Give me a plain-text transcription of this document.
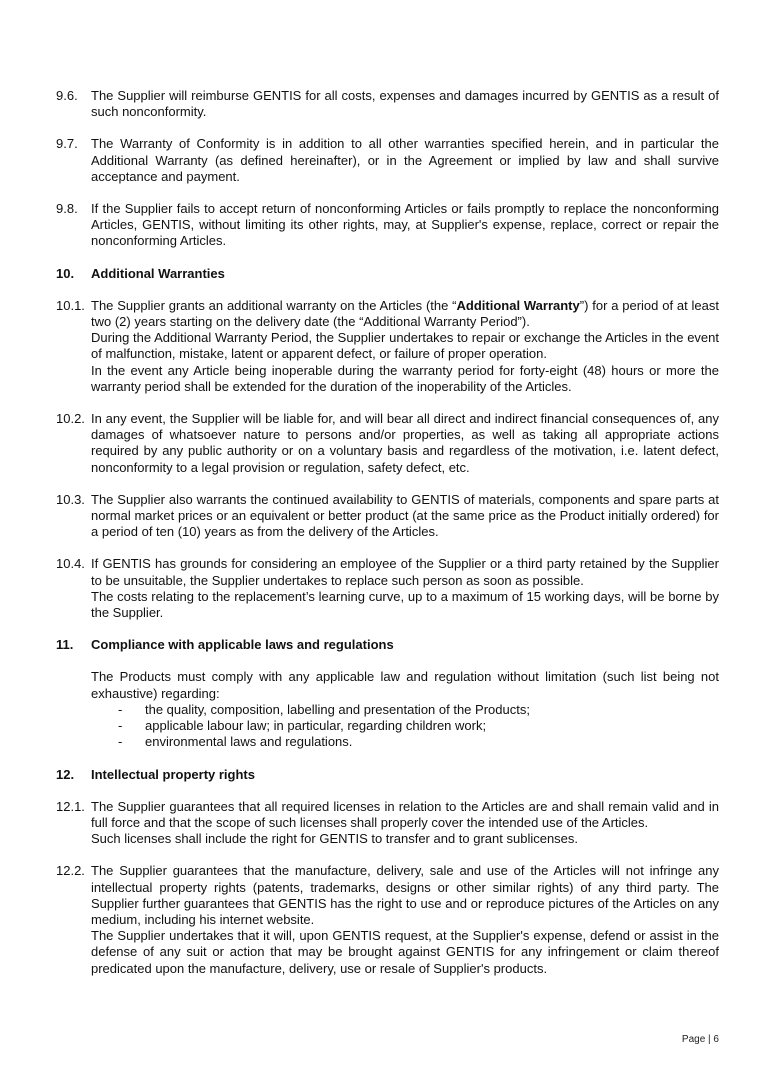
9.6. The Supplier will reimburse GENTIS for all costs, expenses and damages incurred by GENTIS as a result of such nonconformity.

9.7. The Warranty of Conformity is in addition to all other warranties specified herein, and in particular the Additional Warranty (as defined hereinafter), or in the Agreement or implied by law and shall survive acceptance and payment.

9.8. If the Supplier fails to accept return of nonconforming Articles or fails promptly to replace the nonconforming Articles, GENTIS, without limiting its other rights, may, at Supplier's expense, replace, correct or repair the nonconforming Articles.

10. Additional Warranties
10.1. The Supplier grants an additional warranty on the Articles (the “Additional Warranty”) for a period of at least two (2) years starting on the delivery date (the “Additional Warranty Period”).

During the Additional Warranty Period, the Supplier undertakes to repair or exchange the Articles in the event of malfunction, mistake, latent or apparent defect, or failure of proper operation.

In the event any Article being inoperable during the warranty period for forty-eight (48) hours or more the warranty period shall be extended for the duration of the inoperability of the Articles.

10.2. In any event, the Supplier will be liable for, and will bear all direct and indirect financial consequences of, any damages of whatsoever nature to persons and/or properties, as well as taking all appropriate actions required by any public authority or on a voluntary basis and regardless of the motivation, i.e. latent defect, nonconformity to a legal provision or regulation, safety defect, etc.

10.3. The Supplier also warrants the continued availability to GENTIS of materials, components and spare parts at normal market prices or an equivalent or better product (at the same price as the Product initially ordered) for a period of ten (10) years as from the delivery of the Articles.

10.4. If GENTIS has grounds for considering an employee of the Supplier or a third party retained by the Supplier to be unsuitable, the Supplier undertakes to replace such person as soon as possible.

The costs relating to the replacement’s learning curve, up to a maximum of 15 working days, will be borne by the Supplier.

11. Compliance with applicable laws and regulations

The Products must comply with any applicable law and regulation without limitation (such list being not exhaustive) regarding:

- the quality, composition, labelling and presentation of the Products;
- applicable labour law; in particular, regarding children work;
- environmental laws and regulations.
12. Intellectual property rights
12.1. The Supplier guarantees that all required licenses in relation to the Articles are and shall remain valid and in full force and that the scope of such licenses shall properly cover the intended use of the Articles.

Such licenses shall include the right for GENTIS to transfer and to grant sublicenses.

12.2. The Supplier guarantees that the manufacture, delivery, sale and use of the Articles will not infringe any intellectual property rights (patents, trademarks, designs or other similar rights) of any third party. The Supplier further guarantees that GENTIS has the right to use and or reproduce pictures of the Articles on any medium, including his internet website.

The Supplier undertakes that it will, upon GENTIS request, at the Supplier's expense, defend or assist in the defense of any suit or action that may be brought against GENTIS for any infringement or claim thereof predicated upon the manufacture, delivery, use or resale of Supplier's products.

Page | 6
